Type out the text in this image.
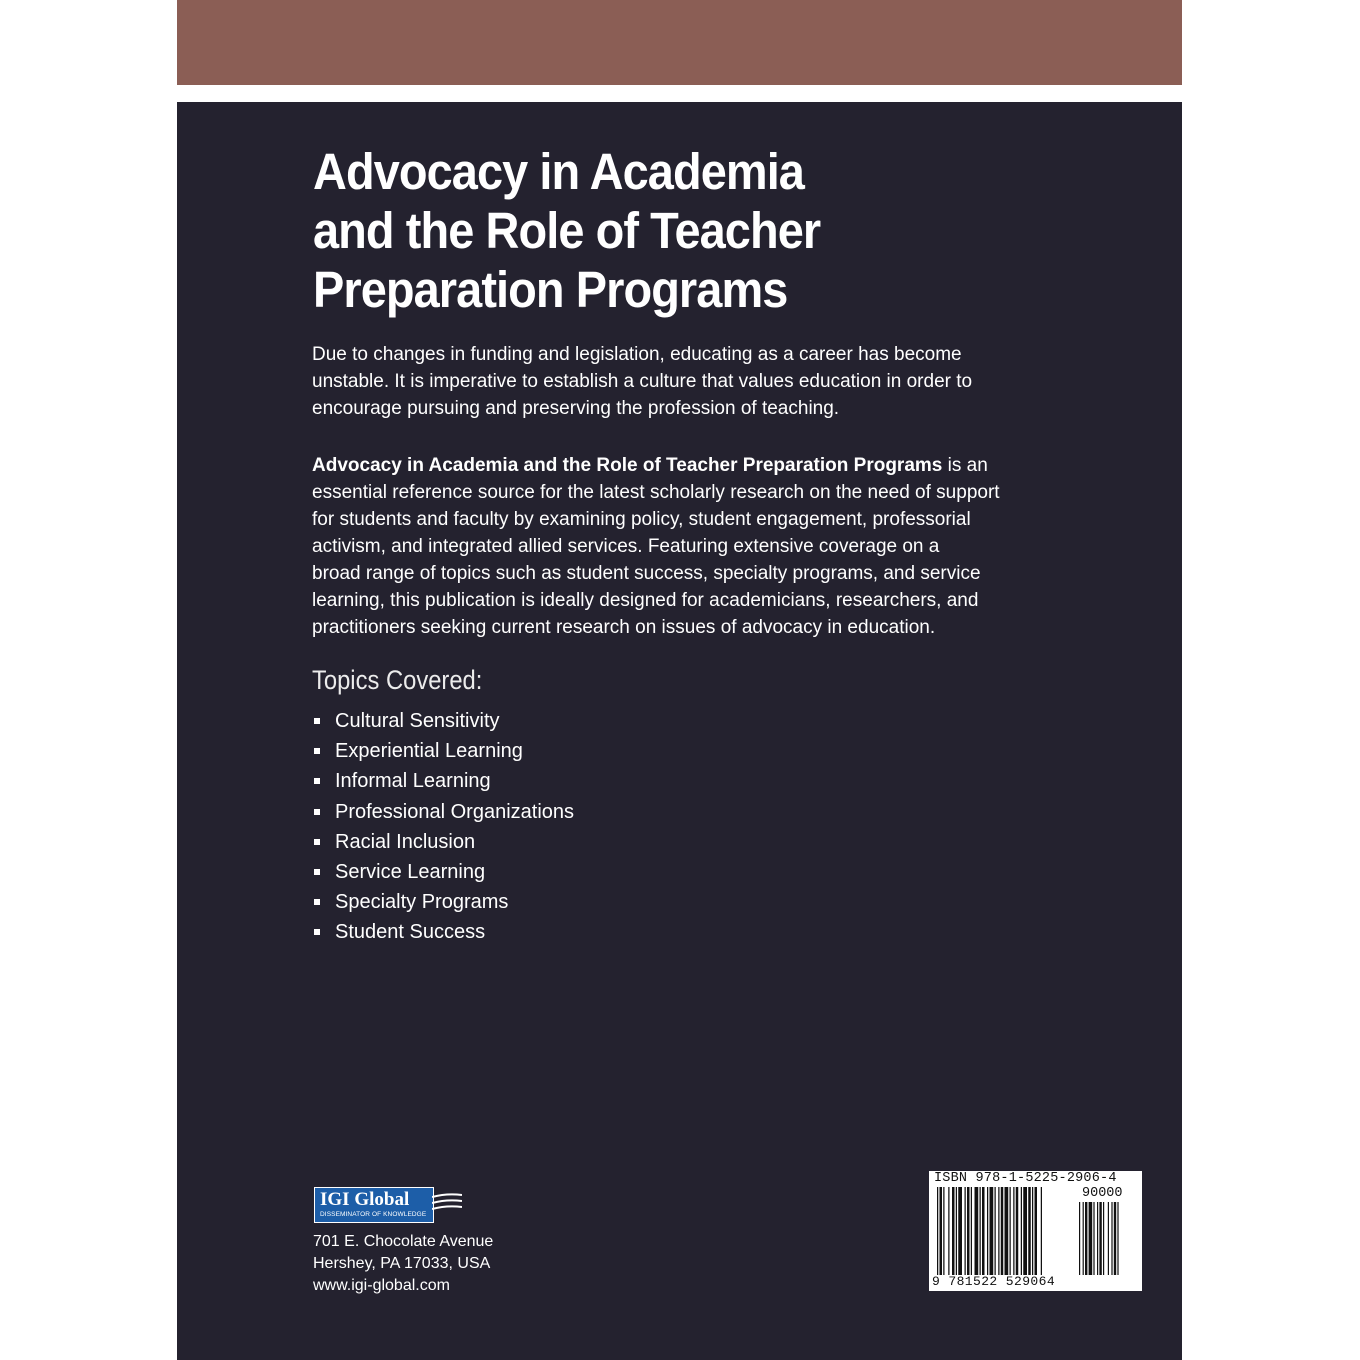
Advocacy in Academia
and the Role of Teacher
Preparation Programs

Due to changes in funding and legislation, educating as a career has become
unstable. It is imperative to establish a culture that values education in order to
encourage pursuing and preserving the profession of teaching.

Advocacy in Academia and the Role of Teacher Preparation Programs is an
essential reference source for the latest scholarly research on the need of support
for students and faculty by examining policy, student engagement, professorial
activism, and integrated allied services. Featuring extensive coverage on a
broad range of topics such as student success, specialty programs, and service
learning, this publication is ideally designed for academicians, researchers, and
practitioners seeking current research on issues of advocacy in education.

Topics Covered:
Cultural Sensitivity
Experiential Learning
Informal Learning
Professional Organizations
Racial Inclusion
Service Learning
Specialty Programs
Student Success
IGI Global
DISSEMINATOR OF KNOWLEDGE

701 E. Chocolate Avenue
Hershey, PA 17033, USA
www.igi-global.com

ISBN 978-1-5225-2906-4
90000
9 781522 529064
